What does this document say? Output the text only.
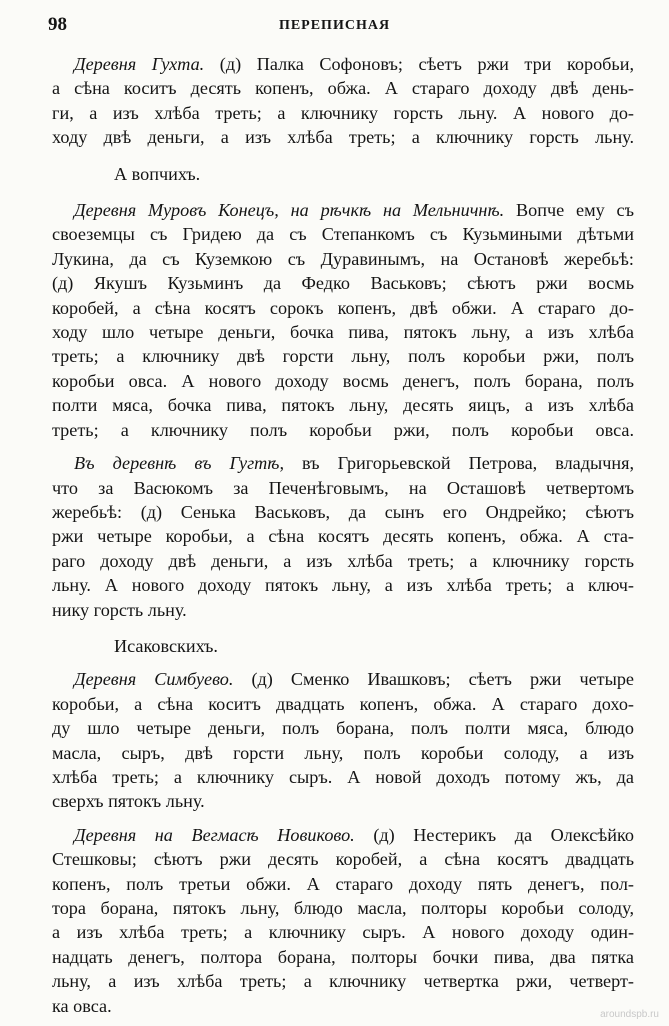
98	ПЕРЕПИСНАЯ
Деревня Гухта. (д) Палка Софоновъ; сѣетъ ржи три коробьи,
а сѣна коситъ десять копенъ, обжа. А стараго доходу двѣ день-
ги, а изъ хлѣба треть; а ключнику горсть льну. А нового до-
ходу двѣ деньги, а изъ хлѣба треть; а ключнику горсть льну.
А вопчихъ.
Деревня Муровъ Конецъ, на рѣчкѣ на Мельничнѣ. Вопче ему съ
своеземцы съ Гридею да съ Степанкомъ съ Кузьмиными дѣтьми
Лукина, да съ Куземкою съ Дуравинымъ, на Остановѣ жеребьѣ:
(д) Якушъ Кузьминъ да Федко Васьковъ; сѣютъ ржи восмь
коробей, а сѣна косятъ сорокъ копенъ, двѣ обжи. А стараго до-
ходу шло четыре деньги, бочка пива, пятокъ льну, а изъ хлѣба
треть; а ключнику двѣ горсти льну, полъ коробьи ржи, полъ
коробьи овса. А нового доходу восмь денегъ, полъ борана, полъ
полти мяса, бочка пива, пятокъ льну, десять яицъ, а изъ хлѣба
треть; а ключнику полъ коробьи ржи, полъ коробьи овса.
Въ деревнѣ въ Гугтѣ, въ Григорьевской Петрова, владычня,
что за Васюкомъ за Печенѣговымъ, на Осташовѣ четвертомъ
жеребьѣ: (д) Сенька Васьковъ, да сынъ его Ондрейко; сѣютъ
ржи четыре коробьи, а сѣна косятъ десять копенъ, обжа. А ста-
раго доходу двѣ деньги, а изъ хлѣба треть; а ключнику горсть
льну. А нового доходу пятокъ льну, а изъ хлѣба треть; а ключ-
нику горсть льну.
Исаковскихъ.
Деревня Симбуево. (д) Сменко Ивашковъ; сѣетъ ржи четыре
коробьи, а сѣна коситъ двадцать копенъ, обжа. А стараго дохо-
ду шло четыре деньги, полъ борана, полъ полти мяса, блюдо
масла, сыръ, двѣ горсти льну, полъ коробьи солоду, а изъ
хлѣба треть; а ключнику сыръ. А новой доходъ потому жъ, да
сверхъ пятокъ льну.
Деревня на Вегмасѣ Новиково. (д) Нестерикъ да Олексѣйко
Стешковы; сѣютъ ржи десять коробей, а сѣна косятъ двадцать
копенъ, полъ третьи обжи. А стараго доходу пять денегъ, пол-
тора борана, пятокъ льну, блюдо масла, полторы коробьи солоду,
а изъ хлѣба треть; а ключнику сыръ. А нового доходу один-
надцать денегъ, полтора борана, полторы бочки пива, два пятка
льну, а изъ хлѣба треть; а ключнику четвертка ржи, четверт-
ка овса.	aroundspb.ru
